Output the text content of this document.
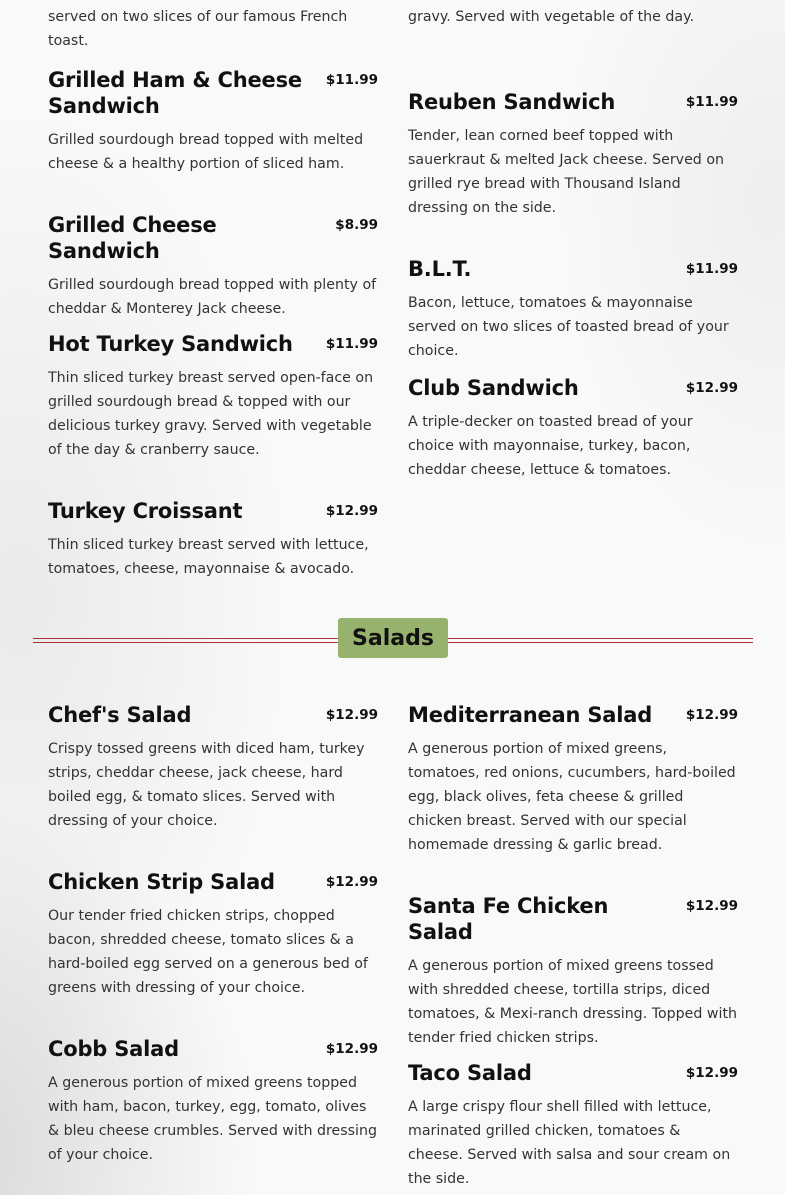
served on two slices of our famous French toast.

Grilled Ham & Cheese Sandwich
$11.99

Grilled sourdough bread topped with melted cheese & a healthy portion of sliced ham.

Grilled Cheese Sandwich
$8.99

Grilled sourdough bread topped with plenty of cheddar & Monterey Jack cheese.

Hot Turkey Sandwich	$11.99

Thin sliced turkey breast served open-face on grilled sourdough bread & topped with our delicious turkey gravy. Served with vegetable of the day & cranberry sauce.

Turkey Croissant	$12.99

Thin sliced turkey breast served with lettuce, tomatoes, cheese, mayonnaise & avocado.

gravy. Served with vegetable of the day.

Reuben Sandwich	$11.99

Tender, lean corned beef topped with sauerkraut & melted Jack cheese. Served on grilled rye bread with Thousand Island dressing on the side.

B.L.T.	$11.99

Bacon, lettuce, tomatoes & mayonnaise served on two slices of toasted bread of your choice.

Club Sandwich	$12.99

A triple-decker on toasted bread of your choice with mayonnaise, turkey, bacon, cheddar cheese, lettuce & tomatoes.

Salads
Chef's Salad	$12.99

Crispy tossed greens with diced ham, turkey strips, cheddar cheese, jack cheese, hard boiled egg, & tomato slices. Served with dressing of your choice.

Chicken Strip Salad	$12.99

Our tender fried chicken strips, chopped bacon, shredded cheese, tomato slices & a hard-boiled egg served on a generous bed of greens with dressing of your choice.

Cobb Salad	$12.99

A generous portion of mixed greens topped with ham, bacon, turkey, egg, tomato, olives & bleu cheese crumbles. Served with dressing of your choice.

Mediterranean Salad	$12.99

A generous portion of mixed greens, tomatoes, red onions, cucumbers, hard-boiled egg, black olives, feta cheese & grilled chicken breast. Served with our special homemade dressing & garlic bread.

Santa Fe Chicken Salad
$12.99

A generous portion of mixed greens tossed with shredded cheese, tortilla strips, diced tomatoes, & Mexi-ranch dressing. Topped with tender fried chicken strips.

Taco Salad	$12.99

A large crispy flour shell filled with lettuce, marinated grilled chicken, tomatoes & cheese. Served with salsa and sour cream on the side.
